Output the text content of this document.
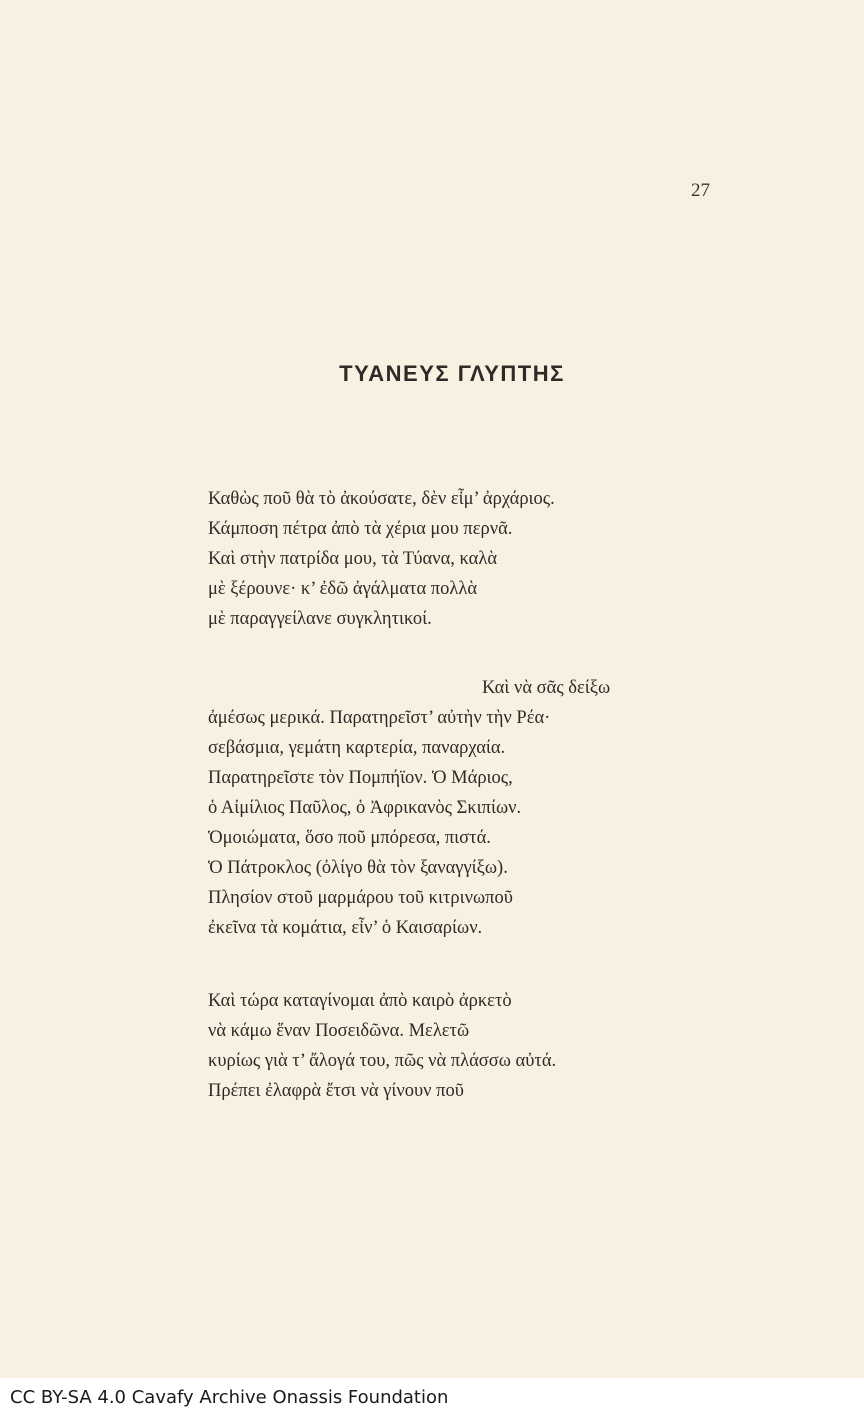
27
ΤΥΑΝΕΥΣ ΓΛΥΠΤΗΣ
Καθὼς ποῦ θὰ τὸ ἀκούσατε, δὲν εἶμ’ ἀρχάριος.
Κάμποση πέτρα ἀπὸ τὰ χέρια μου περνᾶ.
Καὶ στὴν πατρίδα μου, τὰ Τύανα, καλὰ
μὲ ξέρουνε· κ’ ἐδῶ ἀγάλματα πολλὰ
μὲ παραγγείλανε συγκλητικοί.
Καὶ νὰ σᾶς δείξω
ἀμέσως μερικά. Παρατηρεῖστ’ αὐτὴν τὴν Ρέα·
σεβάσμια, γεμάτη καρτερία, παναρχαία.
Παρατηρεῖστε τὸν Πομπήϊον. Ὁ Μάριος,
ὁ Αἰμίλιος Παῦλος, ὁ Ἀφρικανὸς Σκιπίων.
Ὁμοιώματα, ὅσο ποῦ μπόρεσα, πιστά.
Ὁ Πάτροκλος (ὀλίγο θὰ τὸν ξαναγγίξω).
Πλησίον στοῦ μαρμάρου τοῦ κιτρινωποῦ
ἐκεῖνα τὰ κομάτια, εἶν’ ὁ Καισαρίων.
Καὶ τώρα καταγίνομαι ἀπὸ καιρὸ ἀρκετὸ
νὰ κάμω ἕναν Ποσειδῶνα. Μελετῶ
κυρίως γιὰ τ’ ἄλογά του, πῶς νὰ πλάσσω αὐτά.
Πρέπει ἐλαφρὰ ἔτσι νὰ γίνουν ποῦ
CC BY-SA 4.0 Cavafy Archive Onassis Foundation
